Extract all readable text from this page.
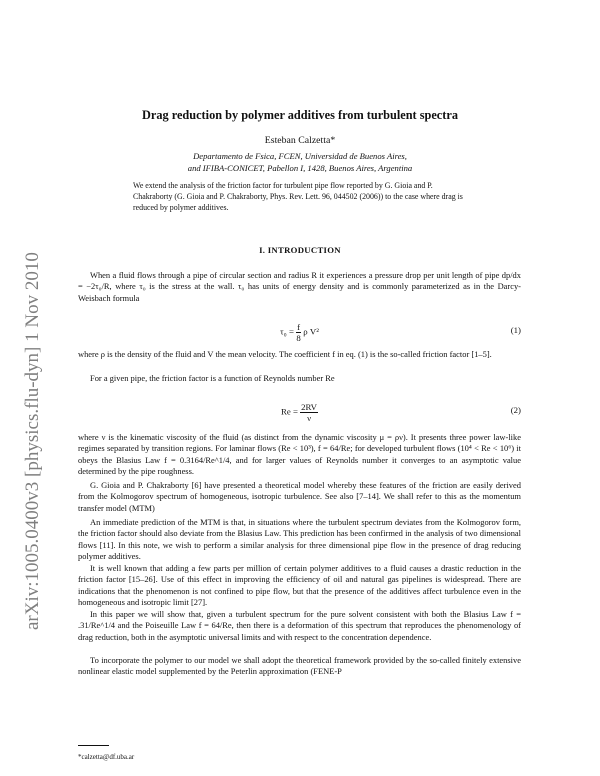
arXiv:1005.0400v3 [physics.flu-dyn] 1 Nov 2010
Drag reduction by polymer additives from turbulent spectra
Esteban Calzetta*
Departamento de Fsica, FCEN, Universidad de Buenos Aires,
and IFIBA-CONICET, Pabellon I, 1428, Buenos Aires, Argentina
We extend the analysis of the friction factor for turbulent pipe flow reported by G. Gioia and P. Chakraborty (G. Gioia and P. Chakraborty, Phys. Rev. Lett. 96, 044502 (2006)) to the case where drag is reduced by polymer additives.
I. INTRODUCTION
When a fluid flows through a pipe of circular section and radius R it experiences a pressure drop per unit length of pipe dp/dx = −2τ₀/R, where τ₀ is the stress at the wall. τ₀ has units of energy density and is commonly parameterized as in the Darcy-Weisbach formula
$\tau_0 = \frac{f}{8}$ ρ V²	(1)
where ρ is the density of the fluid and V the mean velocity. The coefficient f in eq. (1) is the so-called friction factor [1–5].
For a given pipe, the friction factor is a function of Reynolds number Re
$Re = \frac{2RV}{\nu}$	(2)
where ν is the kinematic viscosity of the fluid (as distinct from the dynamic viscosity μ = ρν). It presents three power law-like regimes separated by transition regions. For laminar flows (Re < 10³), f = 64/Re; for developed turbulent flows (10⁴ < Re < 10⁶) it obeys the Blasius Law f = 0.3164/Re^1/4, and for larger values of Reynolds number it converges to an asymptotic value determined by the pipe roughness.
G. Gioia and P. Chakraborty [6] have presented a theoretical model whereby these features of the friction are easily derived from the Kolmogorov spectrum of homogeneous, isotropic turbulence. See also [7–14]. We shall refer to this as the momentum transfer model (MTM)
An immediate prediction of the MTM is that, in situations where the turbulent spectrum deviates from the Kolmogorov form, the friction factor should also deviate from the Blasius Law. This prediction has been confirmed in the analysis of two dimensional flows [11]. In this note, we wish to perform a similar analysis for three dimensional pipe flow in the presence of drag reducing polymer additives.
It is well known that adding a few parts per million of certain polymer additives to a fluid causes a drastic reduction in the friction factor [15–26]. Use of this effect in improving the efficiency of oil and natural gas pipelines is widespread. There are indications that the phenomenon is not confined to pipe flow, but that the presence of the additives affect turbulence even in the homogeneous and isotropic limit [27].
In this paper we will show that, given a turbulent spectrum for the pure solvent consistent with both the Blasius Law f = .31/Re^1/4 and the Poiseuille Law f = 64/Re, then there is a deformation of this spectrum that reproduces the phenomenology of drag reduction, both in the asymptotic universal limits and with respect to the concentration dependence.
To incorporate the polymer to our model we shall adopt the theoretical framework provided by the so-called finitely extensive nonlinear elastic model supplemented by the Peterlin approximation (FENE-P
*calzetta@df.uba.ar
